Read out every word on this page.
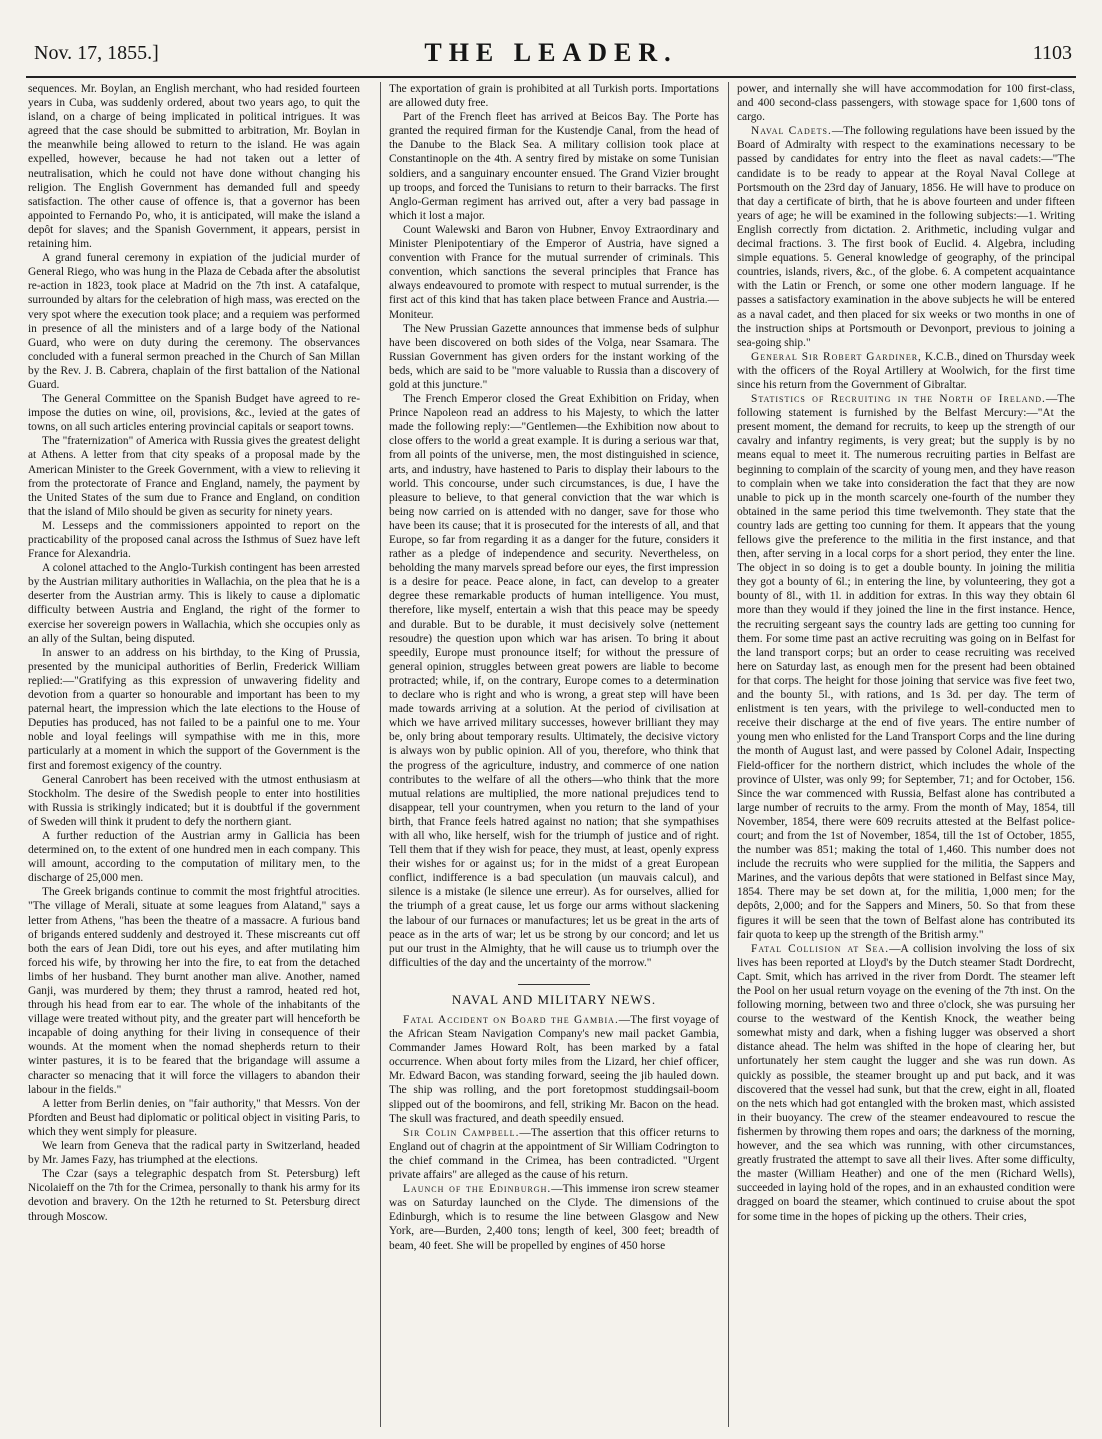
Nov. 17, 1855.]	THE LEADER.	1103

sequences. Mr. Boylan, an English merchant, who had resided fourteen years in Cuba, was suddenly ordered, about two years ago, to quit the island, on a charge of being implicated in political intrigues. It was agreed that the case should be submitted to arbitration, Mr. Boylan in the meanwhile being allowed to return to the island. He was again expelled, however, because he had not taken out a letter of neutralisation, which he could not have done without changing his religion. The English Government has demanded full and speedy satisfaction. The other cause of offence is, that a governor has been appointed to Fernando Po, who, it is anticipated, will make the island a depôt for slaves; and the Spanish Government, it appears, persist in retaining him.

A grand funeral ceremony in expiation of the judicial murder of General Riego, who was hung in the Plaza de Cebada after the absolutist re-action in 1823, took place at Madrid on the 7th inst. A catafalque, surrounded by altars for the celebration of high mass, was erected on the very spot where the execution took place; and a requiem was performed in presence of all the ministers and of a large body of the National Guard, who were on duty during the ceremony. The observances concluded with a funeral sermon preached in the Church of San Millan by the Rev. J. B. Cabrera, chaplain of the first battalion of the National Guard.

The General Committee on the Spanish Budget have agreed to re-impose the duties on wine, oil, provisions, &c., levied at the gates of towns, on all such articles entering provincial capitals or seaport towns.

The "fraternization" of America with Russia gives the greatest delight at Athens. A letter from that city speaks of a proposal made by the American Minister to the Greek Government, with a view to relieving it from the protectorate of France and England, namely, the payment by the United States of the sum due to France and England, on condition that the island of Milo should be given as security for ninety years.

M. Lesseps and the commissioners appointed to report on the practicability of the proposed canal across the Isthmus of Suez have left France for Alexandria.

A colonel attached to the Anglo-Turkish contingent has been arrested by the Austrian military authorities in Wallachia, on the plea that he is a deserter from the Austrian army. This is likely to cause a diplomatic difficulty between Austria and England, the right of the former to exercise her sovereign powers in Wallachia, which she occupies only as an ally of the Sultan, being disputed.

In answer to an address on his birthday, to the King of Prussia, presented by the municipal authorities of Berlin, Frederick William replied:—"Gratifying as this expression of unwavering fidelity and devotion from a quarter so honourable and important has been to my paternal heart, the impression which the late elections to the House of Deputies has produced, has not failed to be a painful one to me. Your noble and loyal feelings will sympathise with me in this, more particularly at a moment in which the support of the Government is the first and foremost exigency of the country.

General Canrobert has been received with the utmost enthusiasm at Stockholm. The desire of the Swedish people to enter into hostilities with Russia is strikingly indicated; but it is doubtful if the government of Sweden will think it prudent to defy the northern giant.

A further reduction of the Austrian army in Gallicia has been determined on, to the extent of one hundred men in each company. This will amount, according to the computation of military men, to the discharge of 25,000 men.

The Greek brigands continue to commit the most frightful atrocities. "The village of Merali, situate at some leagues from Alatand," says a letter from Athens, "has been the theatre of a massacre. A furious band of brigands entered suddenly and destroyed it. These miscreants cut off both the ears of Jean Didi, tore out his eyes, and after mutilating him forced his wife, by throwing her into the fire, to eat from the detached limbs of her husband. They burnt another man alive. Another, named Ganji, was murdered by them; they thrust a ramrod, heated red hot, through his head from ear to ear. The whole of the inhabitants of the village were treated without pity, and the greater part will henceforth be incapable of doing anything for their living in consequence of their wounds. At the moment when the nomad shepherds return to their winter pastures, it is to be feared that the brigandage will assume a character so menacing that it will force the villagers to abandon their labour in the fields."

A letter from Berlin denies, on "fair authority," that Messrs. Von der Pfordten and Beust had diplomatic or political object in visiting Paris, to which they went simply for pleasure.

We learn from Geneva that the radical party in Switzerland, headed by Mr. James Fazy, has triumphed at the elections.

The Czar (says a telegraphic despatch from St. Petersburg) left Nicolaieff on the 7th for the Crimea, personally to thank his army for its devotion and bravery. On the 12th he returned to St. Petersburg direct through Moscow.

The exportation of grain is prohibited at all Turkish ports. Importations are allowed duty free.

Part of the French fleet has arrived at Beicos Bay. The Porte has granted the required firman for the Kustendje Canal, from the head of the Danube to the Black Sea. A military collision took place at Constantinople on the 4th. A sentry fired by mistake on some Tunisian soldiers, and a sanguinary encounter ensued. The Grand Vizier brought up troops, and forced the Tunisians to return to their barracks. The first Anglo-German regiment has arrived out, after a very bad passage in which it lost a major.

Count Walewski and Baron von Hubner, Envoy Extraordinary and Minister Plenipotentiary of the Emperor of Austria, have signed a convention with France for the mutual surrender of criminals. This convention, which sanctions the several principles that France has always endeavoured to promote with respect to mutual surrender, is the first act of this kind that has taken place between France and Austria.—Moniteur.

The New Prussian Gazette announces that immense beds of sulphur have been discovered on both sides of the Volga, near Ssamara. The Russian Government has given orders for the instant working of the beds, which are said to be "more valuable to Russia than a discovery of gold at this juncture."

The French Emperor closed the Great Exhibition on Friday, when Prince Napoleon read an address to his Majesty, to which the latter made the following reply:—"Gentlemen—the Exhibition now about to close offers to the world a great example. It is during a serious war that, from all points of the universe, men, the most distinguished in science, arts, and industry, have hastened to Paris to display their labours to the world. This concourse, under such circumstances, is due, I have the pleasure to believe, to that general conviction that the war which is being now carried on is attended with no danger, save for those who have been its cause; that it is prosecuted for the interests of all, and that Europe, so far from regarding it as a danger for the future, considers it rather as a pledge of independence and security. Nevertheless, on beholding the many marvels spread before our eyes, the first impression is a desire for peace. Peace alone, in fact, can develop to a greater degree these remarkable products of human intelligence. You must, therefore, like myself, entertain a wish that this peace may be speedy and durable. But to be durable, it must decisively solve (nettement resoudre) the question upon which war has arisen. To bring it about speedily, Europe must pronounce itself; for without the pressure of general opinion, struggles between great powers are liable to become protracted; while, if, on the contrary, Europe comes to a determination to declare who is right and who is wrong, a great step will have been made towards arriving at a solution. At the period of civilisation at which we have arrived military successes, however brilliant they may be, only bring about temporary results. Ultimately, the decisive victory is always won by public opinion. All of you, therefore, who think that the progress of the agriculture, industry, and commerce of one nation contributes to the welfare of all the others—who think that the more mutual relations are multiplied, the more national prejudices tend to disappear, tell your countrymen, when you return to the land of your birth, that France feels hatred against no nation; that she sympathises with all who, like herself, wish for the triumph of justice and of right. Tell them that if they wish for peace, they must, at least, openly express their wishes for or against us; for in the midst of a great European conflict, indifference is a bad speculation (un mauvais calcul), and silence is a mistake (le silence une erreur). As for ourselves, allied for the triumph of a great cause, let us forge our arms without slackening the labour of our furnaces or manufactures; let us be great in the arts of peace as in the arts of war; let us be strong by our concord; and let us put our trust in the Almighty, that he will cause us to triumph over the difficulties of the day and the uncertainty of the morrow."

NAVAL AND MILITARY NEWS.

Fatal Accident on Board the Gambia.—The first voyage of the African Steam Navigation Company's new mail packet Gambia, Commander James Howard Rolt, has been marked by a fatal occurrence. When about forty miles from the Lizard, her chief officer, Mr. Edward Bacon, was standing forward, seeing the jib hauled down. The ship was rolling, and the port foretopmost studdingsail-boom slipped out of the boomirons, and fell, striking Mr. Bacon on the head. The skull was fractured, and death speedily ensued.

Sir Colin Campbell.—The assertion that this officer returns to England out of chagrin at the appointment of Sir William Codrington to the chief command in the Crimea, has been contradicted. "Urgent private affairs" are alleged as the cause of his return.

Launch of the Edinburgh.—This immense iron screw steamer was on Saturday launched on the Clyde. The dimensions of the Edinburgh, which is to resume the line between Glasgow and New York, are—Burden, 2,400 tons; length of keel, 300 feet; breadth of beam, 40 feet. She will be propelled by engines of 450 horse

power, and internally she will have accommodation for 100 first-class, and 400 second-class passengers, with stowage space for 1,600 tons of cargo.

Naval Cadets.—The following regulations have been issued by the Board of Admiralty with respect to the examinations necessary to be passed by candidates for entry into the fleet as naval cadets:—"The candidate is to be ready to appear at the Royal Naval College at Portsmouth on the 23rd day of January, 1856. He will have to produce on that day a certificate of birth, that he is above fourteen and under fifteen years of age; he will be examined in the following subjects:—1. Writing English correctly from dictation. 2. Arithmetic, including vulgar and decimal fractions. 3. The first book of Euclid. 4. Algebra, including simple equations. 5. General knowledge of geography, of the principal countries, islands, rivers, &c., of the globe. 6. A competent acquaintance with the Latin or French, or some one other modern language. If he passes a satisfactory examination in the above subjects he will be entered as a naval cadet, and then placed for six weeks or two months in one of the instruction ships at Portsmouth or Devonport, previous to joining a sea-going ship."

General Sir Robert Gardiner, K.C.B., dined on Thursday week with the officers of the Royal Artillery at Woolwich, for the first time since his return from the Government of Gibraltar.

Statistics of Recruiting in the North of Ireland.—The following statement is furnished by the Belfast Mercury:—"At the present moment, the demand for recruits, to keep up the strength of our cavalry and infantry regiments, is very great; but the supply is by no means equal to meet it. The numerous recruiting parties in Belfast are beginning to complain of the scarcity of young men, and they have reason to complain when we take into consideration the fact that they are now unable to pick up in the month scarcely one-fourth of the number they obtained in the same period this time twelvemonth. They state that the country lads are getting too cunning for them. It appears that the young fellows give the preference to the militia in the first instance, and that then, after serving in a local corps for a short period, they enter the line. The object in so doing is to get a double bounty. In joining the militia they got a bounty of 6l.; in entering the line, by volunteering, they got a bounty of 8l., with 1l. in addition for extras. In this way they obtain 6l more than they would if they joined the line in the first instance. Hence, the recruiting sergeant says the country lads are getting too cunning for them. For some time past an active recruiting was going on in Belfast for the land transport corps; but an order to cease recruiting was received here on Saturday last, as enough men for the present had been obtained for that corps. The height for those joining that service was five feet two, and the bounty 5l., with rations, and 1s 3d. per day. The term of enlistment is ten years, with the privilege to well-conducted men to receive their discharge at the end of five years. The entire number of young men who enlisted for the Land Transport Corps and the line during the month of August last, and were passed by Colonel Adair, Inspecting Field-officer for the northern district, which includes the whole of the province of Ulster, was only 99; for September, 71; and for October, 156. Since the war commenced with Russia, Belfast alone has contributed a large number of recruits to the army. From the month of May, 1854, till November, 1854, there were 609 recruits attested at the Belfast police-court; and from the 1st of November, 1854, till the 1st of October, 1855, the number was 851; making the total of 1,460. This number does not include the recruits who were supplied for the militia, the Sappers and Marines, and the various depôts that were stationed in Belfast since May, 1854. There may be set down at, for the militia, 1,000 men; for the depôts, 2,000; and for the Sappers and Miners, 50. So that from these figures it will be seen that the town of Belfast alone has contributed its fair quota to keep up the strength of the British army."

Fatal Collision at Sea.—A collision involving the loss of six lives has been reported at Lloyd's by the Dutch steamer Stadt Dordrecht, Capt. Smit, which has arrived in the river from Dordt. The steamer left the Pool on her usual return voyage on the evening of the 7th inst. On the following morning, between two and three o'clock, she was pursuing her course to the westward of the Kentish Knock, the weather being somewhat misty and dark, when a fishing lugger was observed a short distance ahead. The helm was shifted in the hope of clearing her, but unfortunately her stem caught the lugger and she was run down. As quickly as possible, the steamer brought up and put back, and it was discovered that the vessel had sunk, but that the crew, eight in all, floated on the nets which had got entangled with the broken mast, which assisted in their buoyancy. The crew of the steamer endeavoured to rescue the fishermen by throwing them ropes and oars; the darkness of the morning, however, and the sea which was running, with other circumstances, greatly frustrated the attempt to save all their lives. After some difficulty, the master (William Heather) and one of the men (Richard Wells), succeeded in laying hold of the ropes, and in an exhausted condition were dragged on board the steamer, which continued to cruise about the spot for some time in the hopes of picking up the others. Their cries,
